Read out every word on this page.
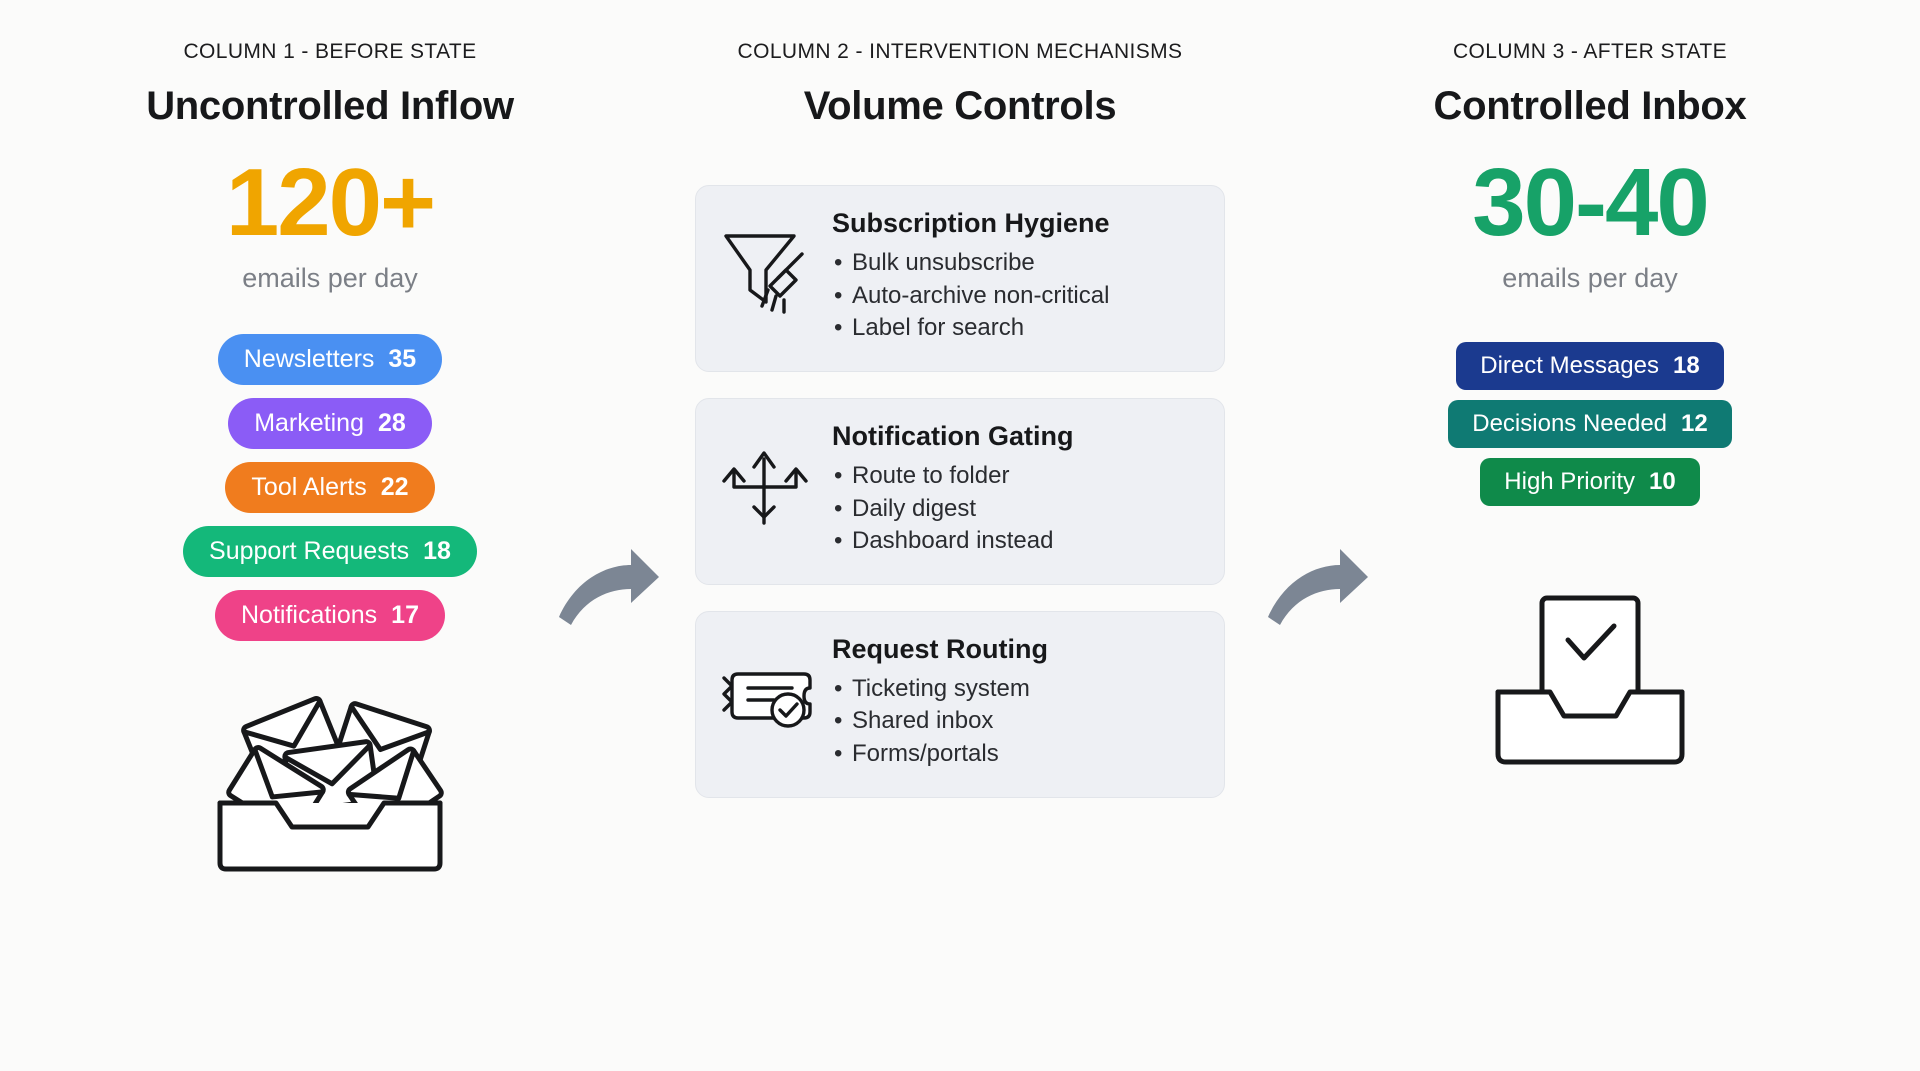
COLUMN 1 - BEFORE STATE
Uncontrolled Inflow
120+
emails per day
Newsletters 35
Marketing 28
Tool Alerts 22
Support Requests 18
Notifications 17
COLUMN 2 - INTERVENTION MECHANISMS
Volume Controls
Subscription Hygiene
• Bulk unsubscribe
• Auto-archive non-critical
• Label for search
Notification Gating
• Route to folder
• Daily digest
• Dashboard instead
Request Routing
• Ticketing system
• Shared inbox
• Forms/portals
COLUMN 3 - AFTER STATE
Controlled Inbox
30-40
emails per day
Direct Messages 18
Decisions Needed 12
High Priority 10
